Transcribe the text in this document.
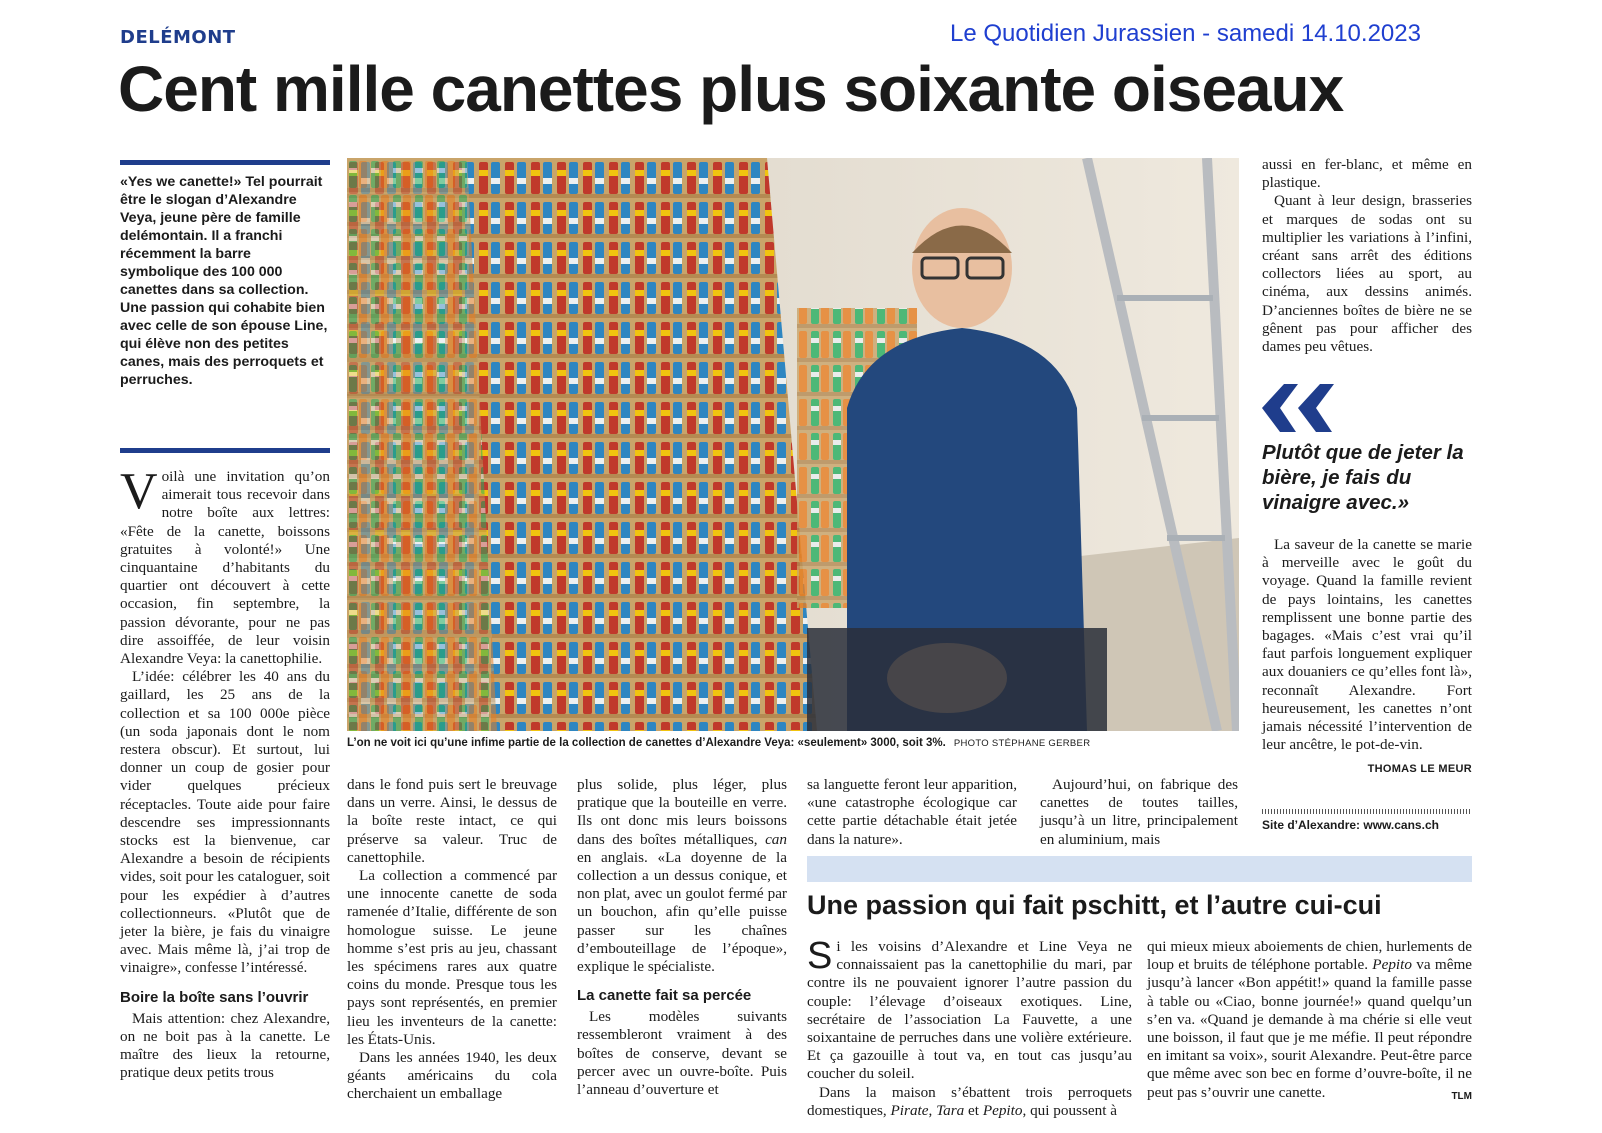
DELÉMONT	Le Quotidien Jurassien - samedi 14.10.2023
Cent mille canettes plus soixante oiseaux
«Yes we canette!» Tel pourrait être le slogan d’Alexandre Veya, jeune père de famille delémontain. Il a franchi récemment la barre symbolique des 100 000 canettes dans sa collection. Une passion qui cohabite bien avec celle de son épouse Line, qui élève non des petites canes, mais des perroquets et perruches.

Voilà une invitation qu’on aimerait tous recevoir dans notre boîte aux lettres: «Fête de la canette, boissons gratuites à volonté!» Une cinquantaine d’habitants du quartier ont découvert à cette occasion, fin septembre, la passion dévorante, pour ne pas dire assoiffée, de leur voisin Alexandre Veya: la canettophilie.

L’idée: célébrer les 40 ans du gaillard, les 25 ans de la collection et sa 100 000e pièce (un soda japonais dont le nom restera obscur). Et surtout, lui donner un coup de gosier pour vider quelques précieux réceptacles. Toute aide pour faire descendre ses impressionnants stocks est la bienvenue, car Alexandre a besoin de récipients vides, soit pour les cataloguer, soit pour les expédier à d’autres collectionneurs. «Plutôt que de jeter la bière, je fais du vinaigre avec. Mais même là, j’ai trop de vinaigre», confesse l’intéressé.

Boire la boîte sans l’ouvrir

Mais attention: chez Alexandre, on ne boit pas à la canette. Le maître des lieux la retourne, pratique deux petits trous

L’on ne voit ici qu’une infime partie de la collection de canettes d’Alexandre Veya: «seulement» 3000, soit 3%. PHOTO STÉPHANE GERBER

dans le fond puis sert le breuvage dans un verre. Ainsi, le dessus de la boîte reste intact, ce qui préserve sa valeur. Truc de canettophile.

La collection a commencé par une innocente canette de soda ramenée d’Italie, différente de son homologue suisse. Le jeune homme s’est pris au jeu, chassant les spécimens rares aux quatre coins du monde. Presque tous les pays sont représentés, en premier lieu les inventeurs de la canette: les États-Unis.

Dans les années 1940, les deux géants américains du cola cherchaient un emballage

plus solide, plus léger, plus pratique que la bouteille en verre. Ils ont donc mis leurs boissons dans des boîtes métalliques, can en anglais. «La doyenne de la collection a un dessus conique, et non plat, avec un goulot fermé par un bouchon, afin qu’elle puisse passer sur les chaînes d’embouteillage de l’époque», explique le spécialiste.

La canette fait sa percée

Les modèles suivants ressembleront vraiment à des boîtes de conserve, devant se percer avec un ouvre-boîte. Puis l’anneau d’ouverture et

sa languette feront leur apparition, «une catastrophe écologique car cette partie détachable était jetée dans la nature».

Aujourd’hui, on fabrique des canettes de toutes tailles, jusqu’à un litre, principalement en aluminium, mais

aussi en fer-blanc, et même en plastique.

Quant à leur design, brasseries et marques de sodas ont su multiplier les variations à l’infini, créant sans arrêt des éditions collectors liées au sport, au cinéma, aux dessins animés. D’anciennes boîtes de bière ne se gênent pas pour afficher des dames peu vêtues.

Plutôt que de jeter la bière, je fais du vinaigre avec.»

La saveur de la canette se marie à merveille avec le goût du voyage. Quand la famille revient de pays lointains, les canettes remplissent une bonne partie des bagages. «Mais c’est vrai qu’il faut parfois longuement expliquer aux douaniers ce qu’elles font là», reconnaît Alexandre. Fort heureusement, les canettes n’ont jamais nécessité l’intervention de leur ancêtre, le pot-de-vin.

THOMAS LE MEUR
Site d’Alexandre: www.cans.ch
Une passion qui fait pschitt, et l’autre cui-cui

Si les voisins d’Alexandre et Line Veya ne connaissaient pas la canettophilie du mari, par contre ils ne pouvaient ignorer l’autre passion du couple: l’élevage d’oiseaux exotiques. Line, secrétaire de l’association La Fauvette, a une soixantaine de perruches dans une volière extérieure. Et ça gazouille à tout va, en tout cas jusqu’au coucher du soleil.

Dans la maison s’ébattent trois perroquets domestiques, Pirate, Tara et Pepito, qui poussent à

qui mieux mieux aboiements de chien, hurlements de loup et bruits de téléphone portable. Pepito va même jusqu’à lancer «Bon appétit!» quand la famille passe à table ou «Ciao, bonne journée!» quand quelqu’un s’en va. «Quand je demande à ma chérie si elle veut une boisson, il faut que je me méfie. Il peut répondre en imitant sa voix», sourit Alexandre. Peut-être parce que même avec son bec en forme d’ouvre-boîte, il ne peut pas s’ouvrir une canette.	TLM
